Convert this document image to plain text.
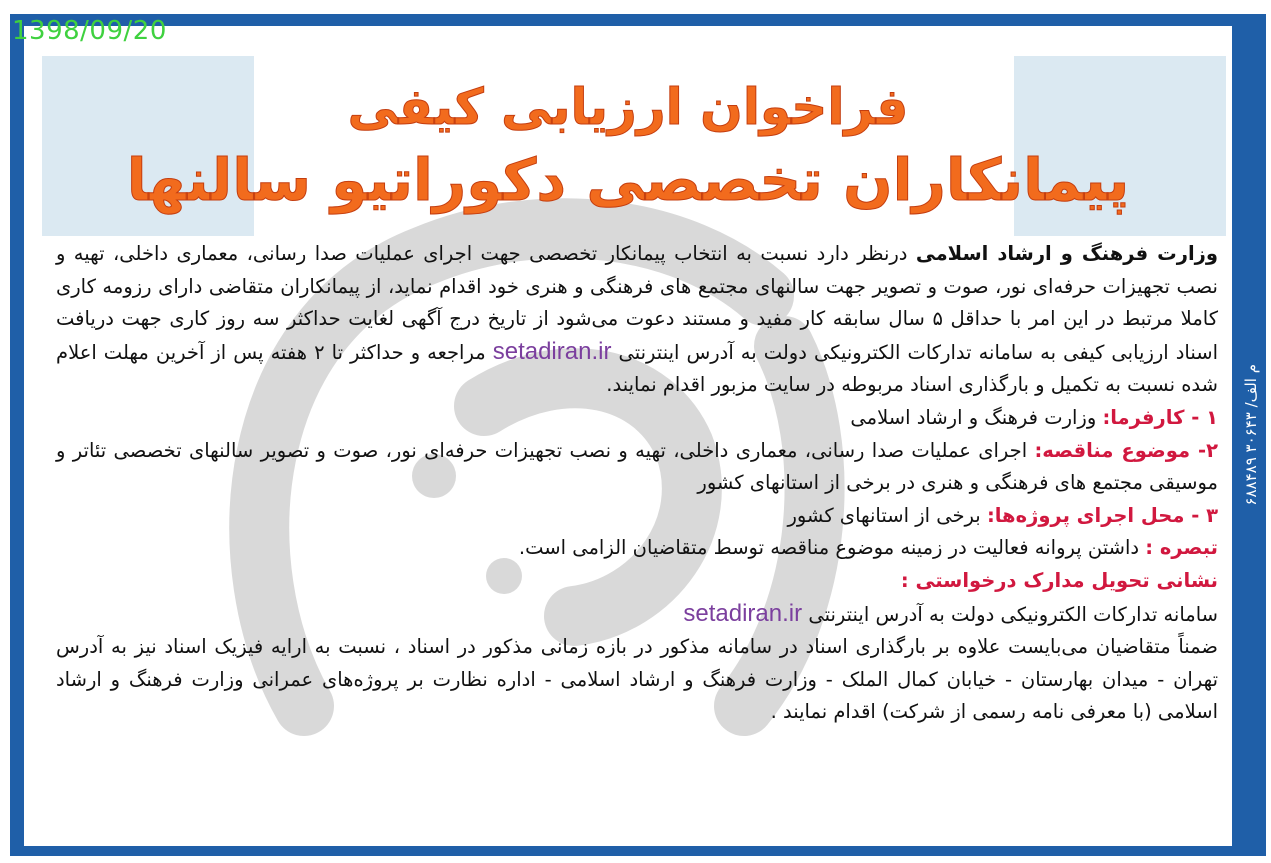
فراخوان ارزیابی کیفی
پیمانکاران تخصصی دکوراتیو سالنها

وزارت فرهنگ و ارشاد اسلامی درنظر دارد نسبت به انتخاب پیمانکار تخصصی جهت اجرای عملیات صدا رسانی، معماری داخلی، تهیه و نصب تجهیزات حرفه‌ای نور، صوت و تصویر جهت سالنهای مجتمع های فرهنگی و هنری خود اقدام نماید، از پیمانکاران متقاضی دارای رزومه کاری کاملا مرتبط در این امر با حداقل ۵ سال سابقه کار مفید و مستند دعوت می‌شود از تاریخ درج آگهی لغایت حداکثر سه روز کاری جهت دریافت اسناد ارزیابی کیفی به سامانه تدارکات الکترونیکی دولت به آدرس اینترنتی setadiran.ir مراجعه و حداکثر تا ۲ هفته پس از آخرین مهلت اعلام شده نسبت به تکمیل و بارگذاری اسناد مربوطه در سایت مزبور اقدام نمایند.

۱ - کارفرما: وزارت فرهنگ و ارشاد اسلامی

۲- موضوع مناقصه: اجرای عملیات صدا رسانی، معماری داخلی، تهیه و نصب تجهیزات حرفه‌ای نور، صوت و تصویر سالنهای تخصصی تئاتر و موسیقی مجتمع های فرهنگی و هنری در برخی از استانهای کشور

۳ - محل اجرای پروژه‌ها: برخی از استانهای کشور

تبصره : داشتن پروانه فعالیت در زمینه موضوع مناقصه توسط متقاضیان الزامی است.

نشانی تحویل مدارک درخواستی :

سامانه تدارکات الکترونیکی دولت به آدرس اینترنتی setadiran.ir

ضمناً متقاضیان می‌بایست علاوه بر بارگذاری اسناد در سامانه مذکور در بازه زمانی مذکور در اسناد ، نسبت به ارایه فیزیک اسناد نیز به آدرس تهران - میدان بهارستان - خیابان کمال الملک - وزارت فرهنگ و ارشاد اسلامی - اداره نظارت بر پروژه‌های عمرانی وزارت فرهنگ و ارشاد اسلامی (با معرفی نامه رسمی از شرکت) اقدام نمایند .

م الف/ ۳۰۶۴۳ ۶۸۸۴۸۹
1398/09/20
